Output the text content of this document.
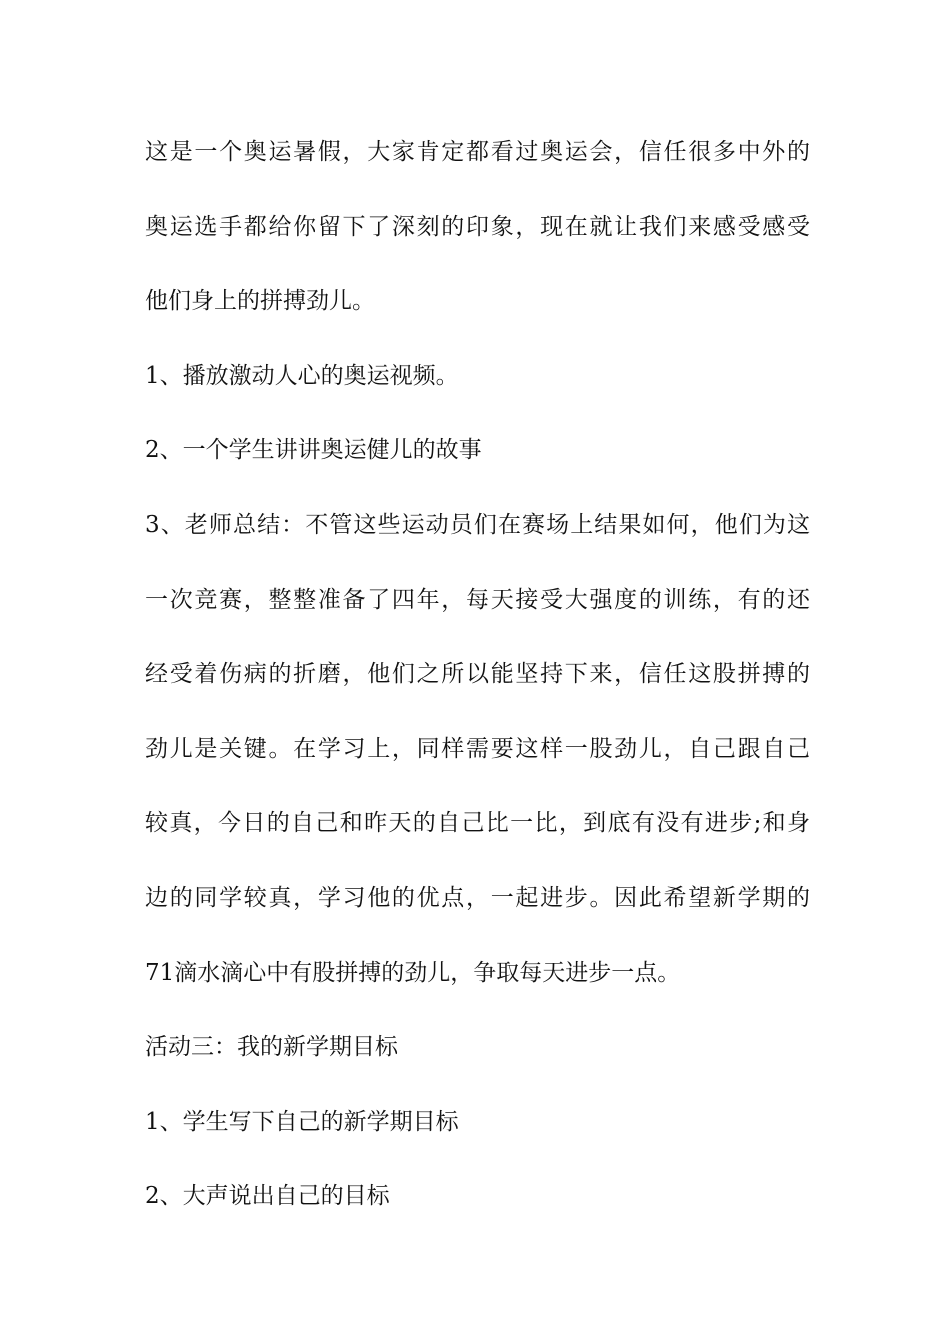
这是一个奥运暑假，大家肯定都看过奥运会，信任很多中外的

奥运选手都给你留下了深刻的印象，现在就让我们来感受感受

他们身上的拼搏劲儿。

1、播放激动人心的奥运视频。

2、一个学生讲讲奥运健儿的故事

3、老师总结：不管这些运动员们在赛场上结果如何，他们为这

一次竞赛，整整准备了四年，每天接受大强度的训练，有的还

经受着伤病的折磨，他们之所以能坚持下来，信任这股拼搏的

劲儿是关键。在学习上，同样需要这样一股劲儿，自己跟自己

较真，今日的自己和昨天的自己比一比，到底有没有进步;和身

边的同学较真，学习他的优点，一起进步。因此希望新学期的

71滴水滴心中有股拼搏的劲儿，争取每天进步一点。

活动三：我的新学期目标

1、学生写下自己的新学期目标

2、大声说出自己的目标
